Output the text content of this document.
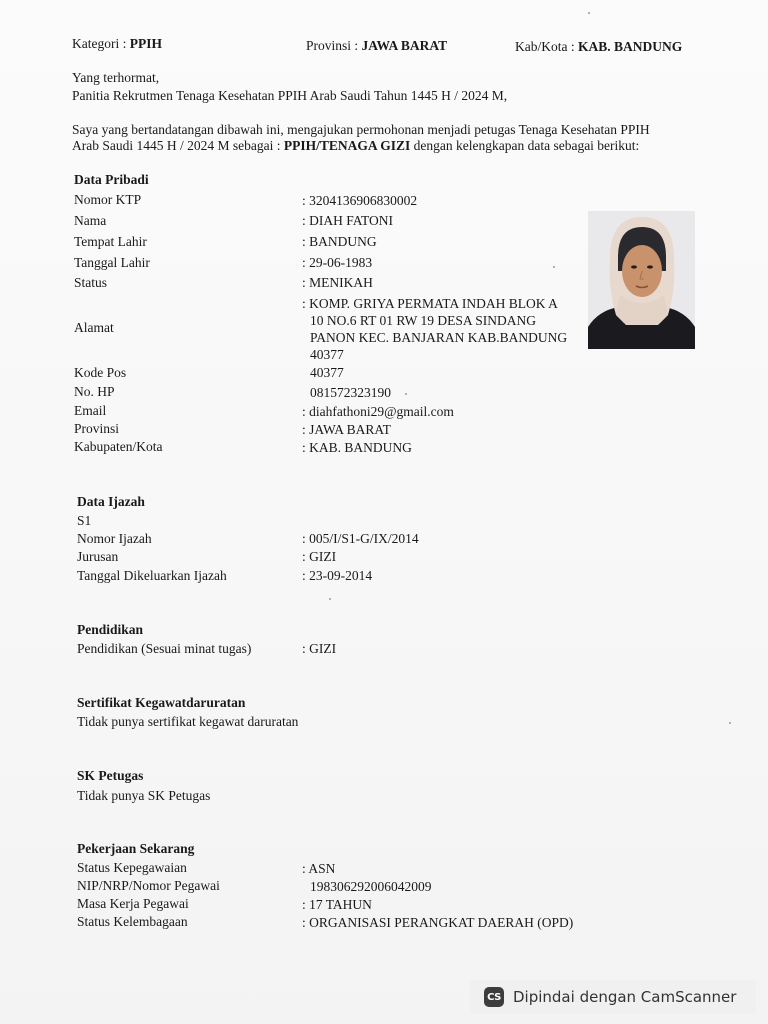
Kategori : PPIH	Provinsi : JAWA BARAT	Kab/Kota : KAB. BANDUNG
Yang terhormat,
Panitia Rekrutmen Tenaga Kesehatan PPIH Arab Saudi Tahun 1445 H / 2024 M,
Saya yang bertandatangan dibawah ini, mengajukan permohonan menjadi petugas Tenaga Kesehatan PPIH
Arab Saudi 1445 H / 2024 M sebagai : PPIH/TENAGA GIZI dengan kelengkapan data sebagai berikut:
Data Pribadi
Nomor KTP	: 3204136906830002
Nama	: DIAH FATONI
Tempat Lahir	: BANDUNG
Tanggal Lahir	: 29-06-1983
Status	: MENIKAH
Alamat
: KOMP. GRIYA PERMATA INDAH BLOK A
10 NO.6 RT 01 RW 19 DESA SINDANG
PANON KEC. BANJARAN KAB.BANDUNG
40377
Kode Pos	40377
No. HP	081572323190
Email	: diahfathoni29@gmail.com
Provinsi	: JAWA BARAT
Kabupaten/Kota	: KAB. BANDUNG
Data Ijazah
S1
Nomor Ijazah	: 005/I/S1-G/IX/2014
Jurusan	: GIZI
Tanggal Dikeluarkan Ijazah	: 23-09-2014
Pendidikan
Pendidikan (Sesuai minat tugas)	: GIZI
Sertifikat Kegawatdaruratan
Tidak punya sertifikat kegawat daruratan
SK Petugas
Tidak punya SK Petugas
Pekerjaan Sekarang
Status Kepegawaian	: ASN
NIP/NRP/Nomor Pegawai	198306292006042009
Masa Kerja Pegawai	: 17 TAHUN
Status Kelembagaan	: ORGANISASI PERANGKAT DAERAH (OPD)
CS Dipindai dengan CamScanner
